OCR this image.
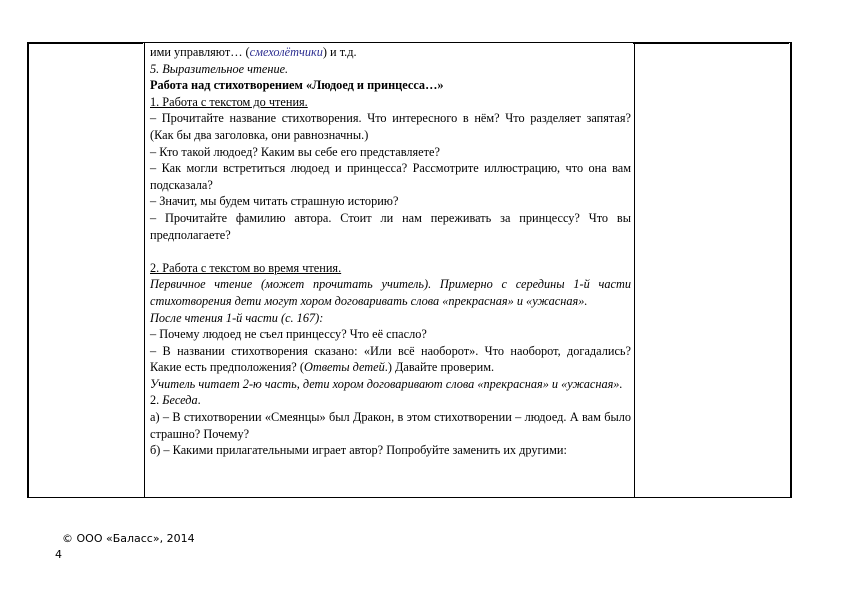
ими управляют… (смехолётчики) и т.д.

5. Выразительное чтение.

Работа над стихотворением «Людоед и принцесса…»

1. Работа с текстом до чтения.

– Прочитайте название стихотворения. Что интересного в нём? Что разделяет запятая? (Как бы два заголовка, они равнозначны.)

– Кто такой людоед? Каким вы себе его представляете?

– Как могли встретиться людоед и принцесса? Рассмотрите иллюстрацию, что она вам подсказала?

– Значит, мы будем читать страшную историю?

– Прочитайте фамилию автора. Стоит ли нам переживать за принцессу? Что вы предполагаете?

2. Работа с текстом во время чтения.

Первичное чтение (может прочитать учитель). Примерно с середины 1-й части стихотворения дети могут хором договаривать слова «прекрасная» и «ужасная».

После чтения 1-й части (с. 167):

– Почему людоед не съел принцессу? Что её спасло?

– В названии стихотворения сказано: «Или всё наоборот». Что наоборот, догадались? Какие есть предположения? (Ответы детей.) Давайте проверим.

Учитель читает 2-ю часть, дети хором договаривают слова «прекрасная» и «ужасная».

2. Беседа.

а) – В стихотворении «Смеянцы» был Дракон, в этом стихотворении – людоед. А вам было страшно? Почему?

б) – Какими прилагательными играет автор? Попробуйте заменить их другими:

© ООО «Баласс», 2014
4
